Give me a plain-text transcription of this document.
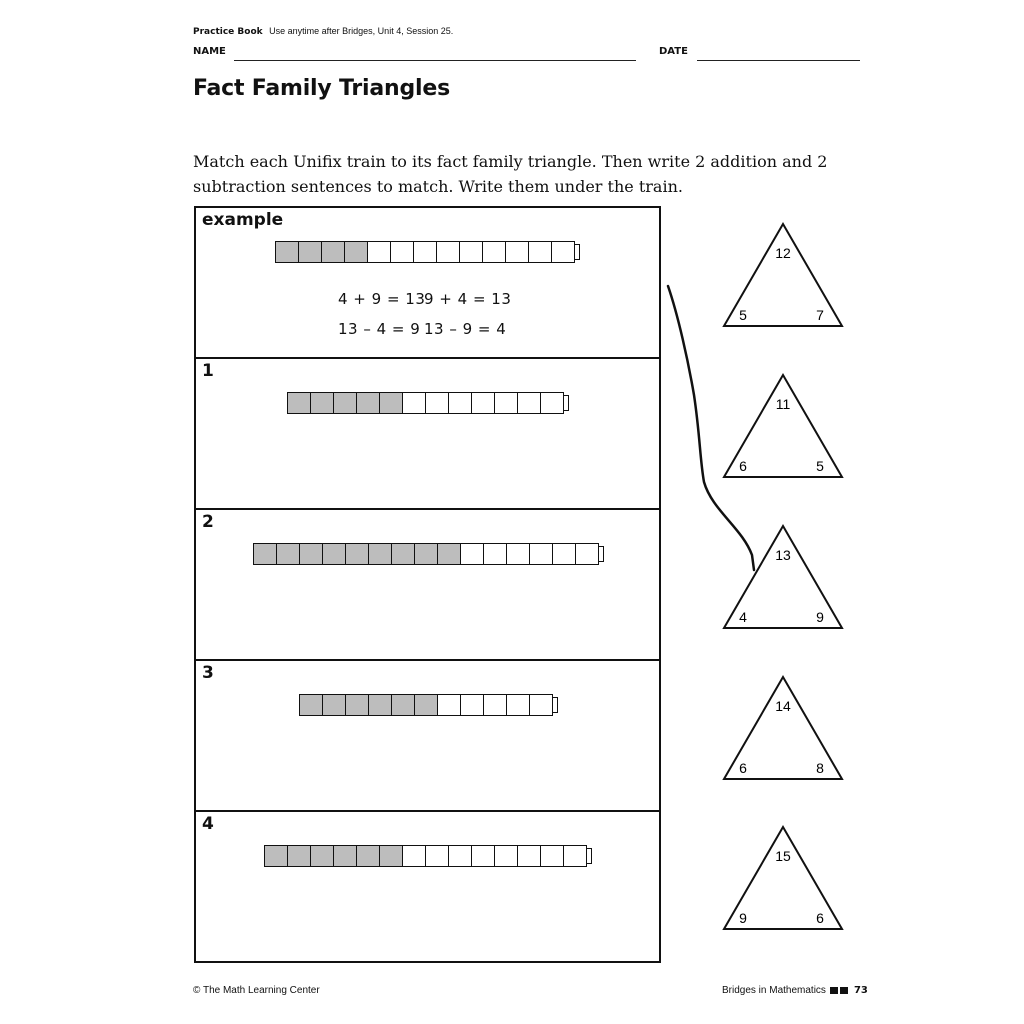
Practice Book Use anytime after Bridges, Unit 4, Session 25.
NAME	DATE
Fact Family Triangles
Match each Unifix train to its fact family triangle. Then write 2 addition and 2 subtraction sentences to match. Write them under the train.
example
4 + 9 = 13
9 + 4 = 13
13 – 4 = 9 13 – 9 = 4
1
2
3
4
12
5	7
11
6	5
13
4	9
14
6	8
15
9	6
© The Math Learning Center	Bridges in Mathematics	73
